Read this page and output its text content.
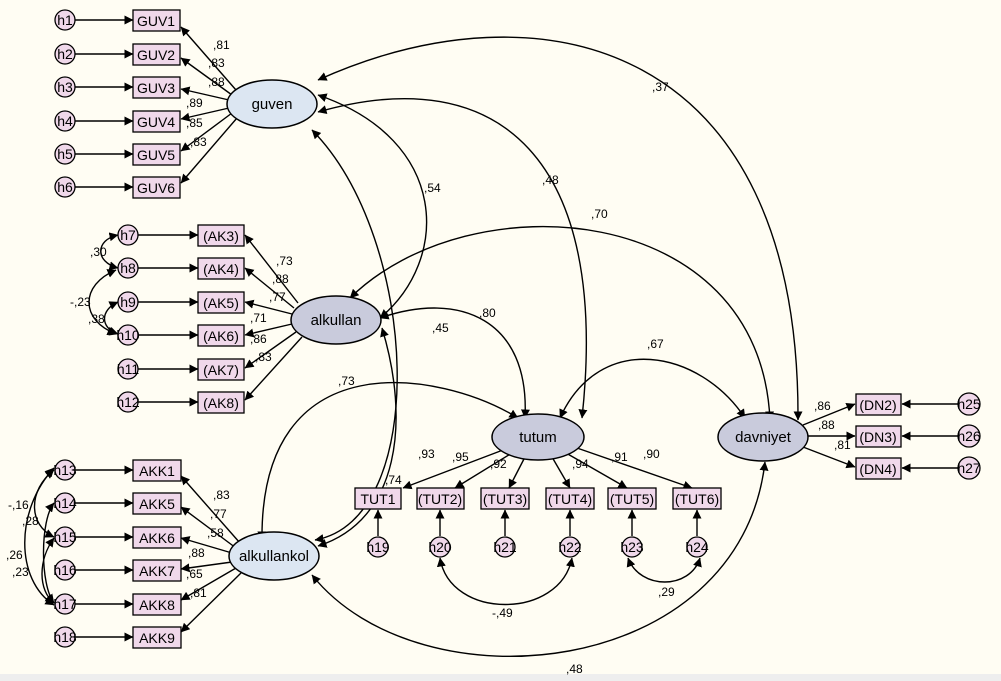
h1
h2
h3
h4
h5
h6
GUV1
GUV2
GUV3
GUV4
GUV5
GUV6
,81
,83
,88
,89
,85
,83
h7
h8
h9
h10
h11
h12
(AK3)
(AK4)
(AK5)
(AK6)
(AK7)
(AK8)
,73
,88
,77
,71
,86
,83
,30
-,23
,38
h13
h14
h15
h16
h17
h18
AKK1
AKK5
AKK6
AKK7
AKK8
AKK9
,83
,77
,58
,88
,65
,81
-,16
,28
,26
,23
TUT1 (TUT2) (TUT3) (TUT4) (TUT5) (TUT6)
h19	h20	h21	h22	h23	h24
,74
,93 ,95 ,92	,94 ,91 ,90
-,49
,29
(DN2)
(DN3)
(DN4)
h25
h26
h27
,86
,88
,81
guven
alkullan
tutum	davniyet
alkullankol
,37
,48
,54
,70
,80
,45
,73
,67
,48
